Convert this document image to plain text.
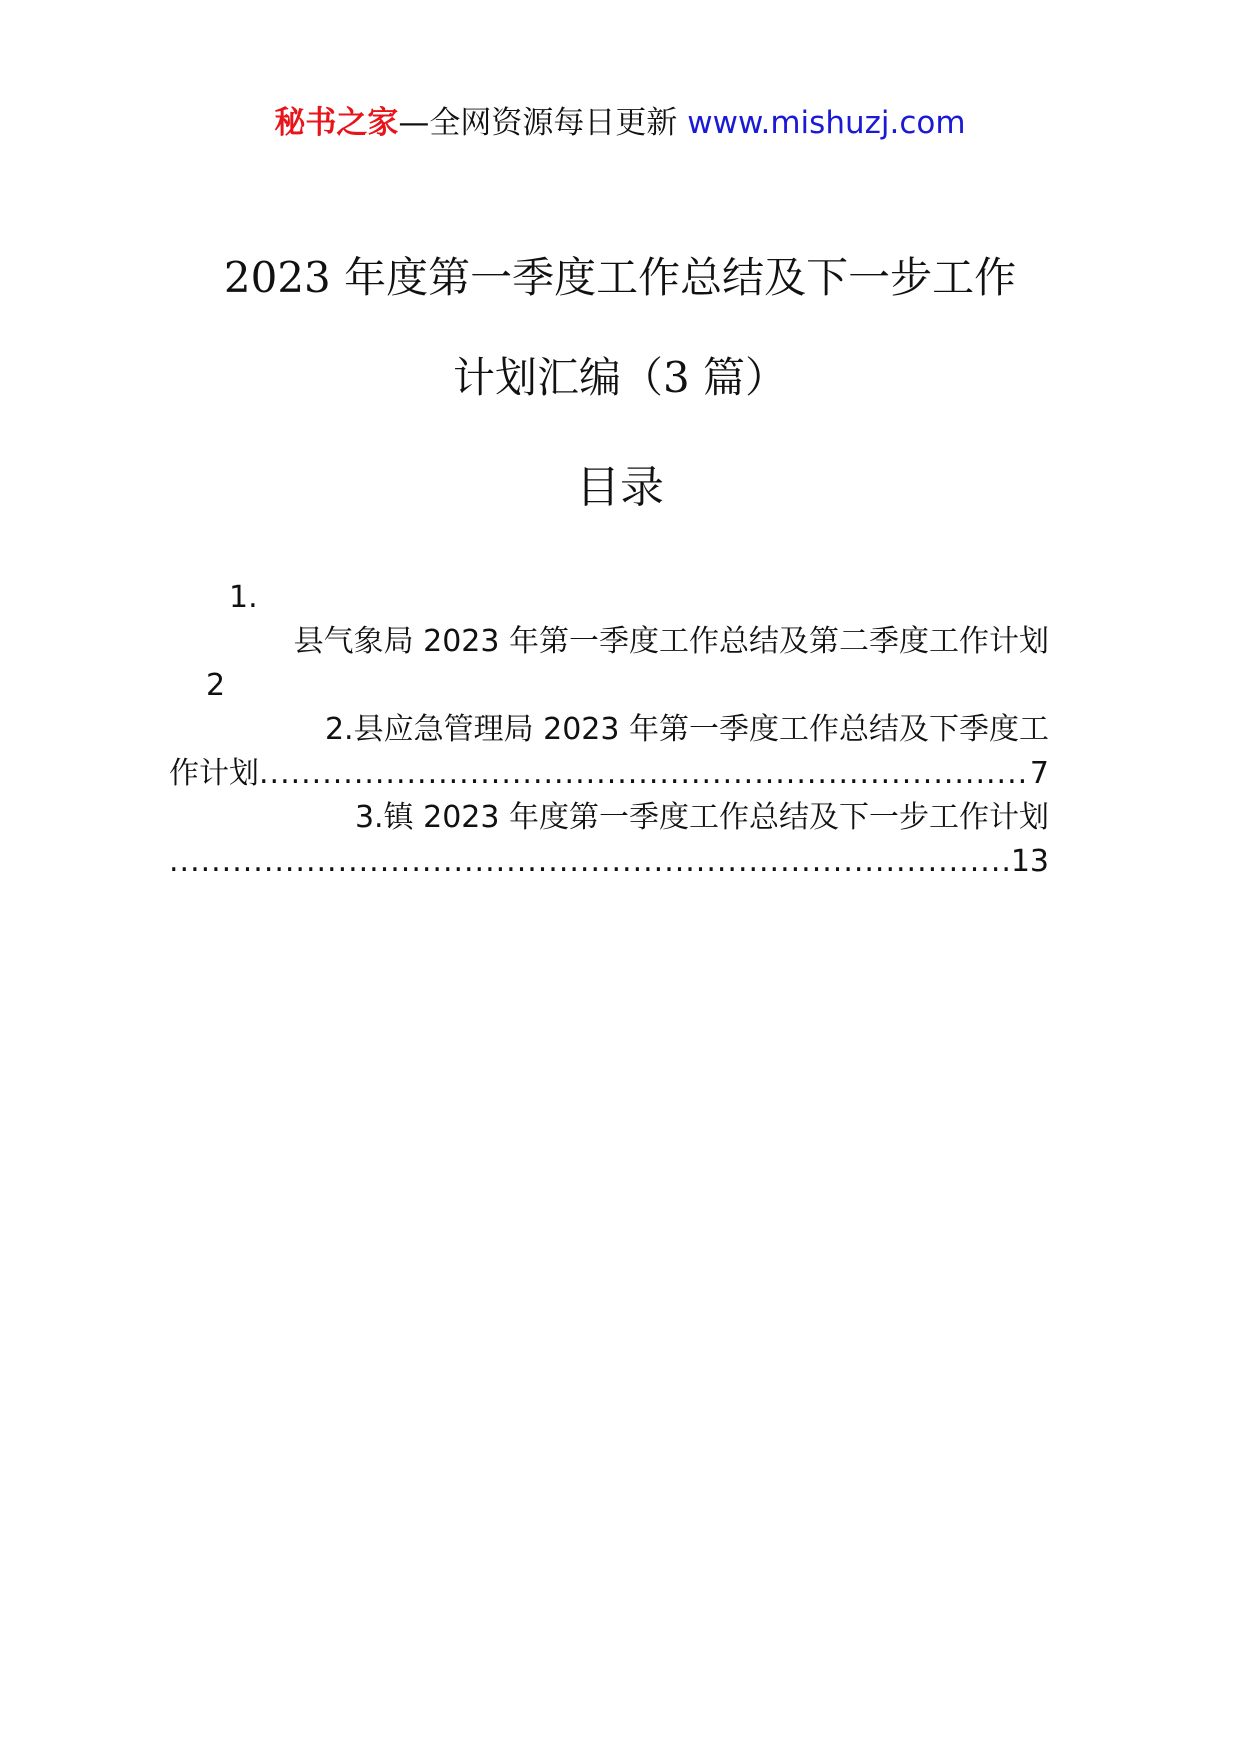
秘书之家—全网资源每日更新 www.mishuzj.com
2023 年度第一季度工作总结及下一步工作
计划汇编（3 篇）
目录
1.
县气象局 2023 年第一季度工作总结及第二季度工作计划
2
2.县应急管理局 2023 年第一季度工作总结及下季度工
作计划
.....	7
3.镇 2023 年度第一季度工作总结及下一步工作计划
.....
13
